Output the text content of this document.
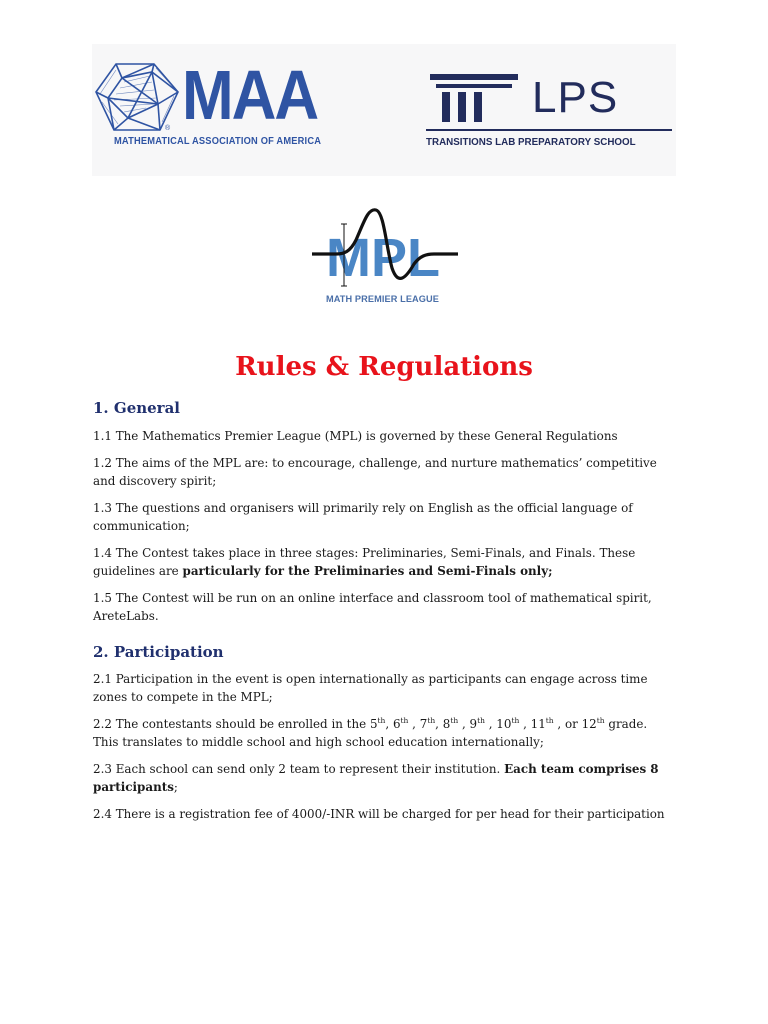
® MAA
MATHEMATICAL ASSOCIATION OF AMERICA
LPS
TRANSITIONS LAB PREPARATORY SCHOOL
MPL
MATH PREMIER LEAGUE
Rules & Regulations
1. General

1.1 The Mathematics Premier League (MPL) is governed by these General Regulations

1.2 The aims of the MPL are: to encourage, challenge, and nurture mathematics’ competitive and discovery spirit;

1.3 The questions and organisers will primarily rely on English as the official language of communication;

1.4 The Contest takes place in three stages: Preliminaries, Semi-Finals, and Finals. These guidelines are particularly for the Preliminaries and Semi-Finals only;

1.5 The Contest will be run on an online interface and classroom tool of mathematical spirit, AreteLabs.

2. Participation

2.1 Participation in the event is open internationally as participants can engage across time zones to compete in the MPL;

2.2 The contestants should be enrolled in the 5th, 6th , 7th, 8th , 9th , 10th , 11th , or 12th grade. This translates to middle school and high school education internationally;

2.3 Each school can send only 2 team to represent their institution. Each team comprises 8 participants;

2.4 There is a registration fee of 4000/-INR will be charged for per head for their participation
